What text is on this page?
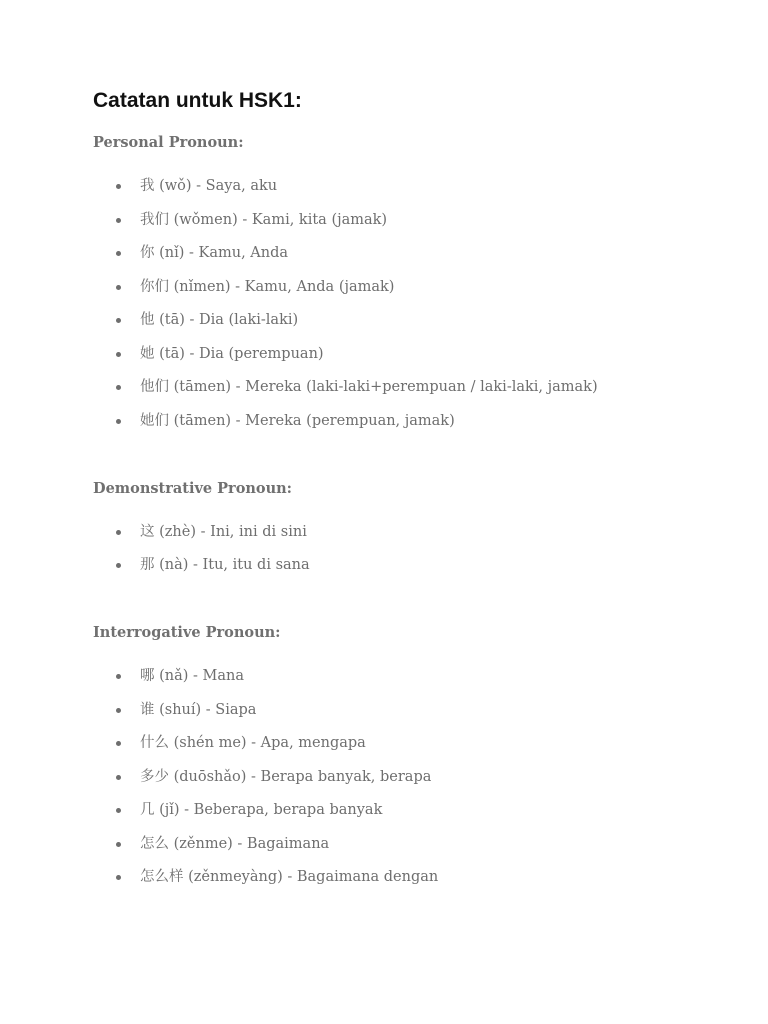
Catatan untuk HSK1:
Personal Pronoun:
我 (wǒ) - Saya, aku
我们 (wǒmen) - Kami, kita (jamak)
你 (nǐ) - Kamu, Anda
你们 (nǐmen) - Kamu, Anda (jamak)
他 (tā) - Dia (laki-laki)
她 (tā) - Dia (perempuan)
他们 (tāmen) - Mereka (laki-laki+perempuan / laki-laki, jamak)
她们 (tāmen) - Mereka (perempuan, jamak)
Demonstrative Pronoun:
这 (zhè) - Ini, ini di sini
那 (nà) - Itu, itu di sana
Interrogative Pronoun:
哪 (nǎ) - Mana
谁 (shuí) - Siapa
什么 (shén me) - Apa, mengapa
多少 (duōshǎo) - Berapa banyak, berapa
几 (jǐ) - Beberapa, berapa banyak
怎么 (zěnme) - Bagaimana
怎么样 (zěnmeyàng) - Bagaimana dengan
